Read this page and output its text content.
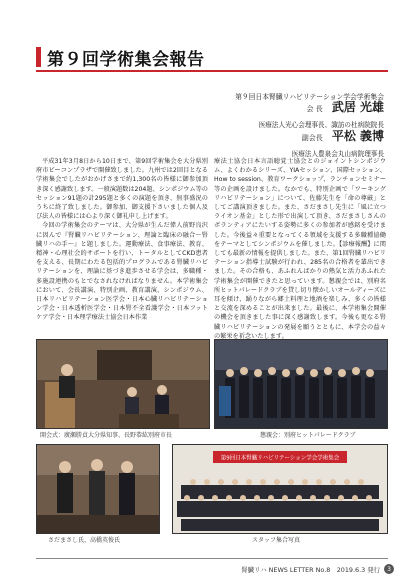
第９回学術集会報告
第９回日本腎臓リハビリテーション学会学術集会
会 長 武居 光雄
医療法人光心会理事長、諏訪の杜病院院長
副会長 平松 義博
医療法人豊泉会丸山病院理事長

平成31年3月8日から10日まで、第9回学術集会を大分県別府市ビーコンプラザで開催致しました。九州では2回目となる学術集会でしたがおかげさまで約1,300名の皆様に御参加頂き深く感謝致します。一般演題数は204題、シンポジウム等のセッション91題の計295題と多くの演題を頂き、無事盛況のうちに終了致しました。御参加、御支援下さいました個人及び法人の皆様には心より深く御礼申し上げます。

今回の学術集会のテーマは、大分県が生んだ偉人前野良沢に因んで『腎臓リハビリテーション、理論と臨床の融合～腎臓リハの手～』と題しました。運動療法、食事療法、教育、精神・心理社会的サポートを行い、トータルとしてCKD患者を支える、長期にわたる包括的プログラムである腎臓リハビリテーションを、理論に基づき進歩させる学会は、多職種・多施設連携のもとでなされなければなりません。本学術集会において、会長講演、特別企画、教育講演、シンポジウム、日本リハビリテーション医学会・日本心臓リハビリテーション学会・日本透析医学会・日本腎不全看護学会・日本フットケア学会・日本理学療法士協会日本作業

療法士協会日本言語聴覚士協会とのジョイントシンポジウム、よくわかるシリーズ、YIAセッション、国際セッション、How to session、教育ワークショップ、ランチョンセミナー等の企画を設けました。なかでも、特別企画で「ワーキングリハビリテーション」について、佐藤先生を「命の尊厳」としてご講演頂きました。また、さだまさし先生に「風に立つライオン基金」とした形で出演して頂き、さだまさしさんのボランティアにたいする姿勢に多くの参加者が感銘を受けました。今後益々重要となってくる領域を支援する多職種協働をテーマとしてシンポジウムを催しました。【診療報酬】に関しても最新の情報を提供しました。また、第1回腎臓リハビリテーション指導士試験が行われ、285名の合格者を輩出できました。その合格も、あふれんばかりの熱気と活力あふれた学術集会が開催できたと思っています。懇親会では、別府名所ヒットパレードクラブを貸し切り懐かしいオールディーズに耳を傾け、踊りながら郷土料理と地酒を楽しみ、多くの皆様と交流を深めることが出来ました。最後に、本学術集会開催の機会を頂きました事に深く感謝致します。今後も更なる腎臓リハビリテーションの発展を願うとともに、本学会の益々の繁栄を祈念いたします。

開会式：廣瀬勝貞大分県知事、長野恭紘別府市長	懇親会：別府ヒットパレードクラブ
さだまさし氏、高橋英俊氏
第9回日本腎臓リハビリテーション学会学術集会
スタッフ集合写真
腎臓リハ NEWS LETTER No.8　2019.6.3 発行	3
